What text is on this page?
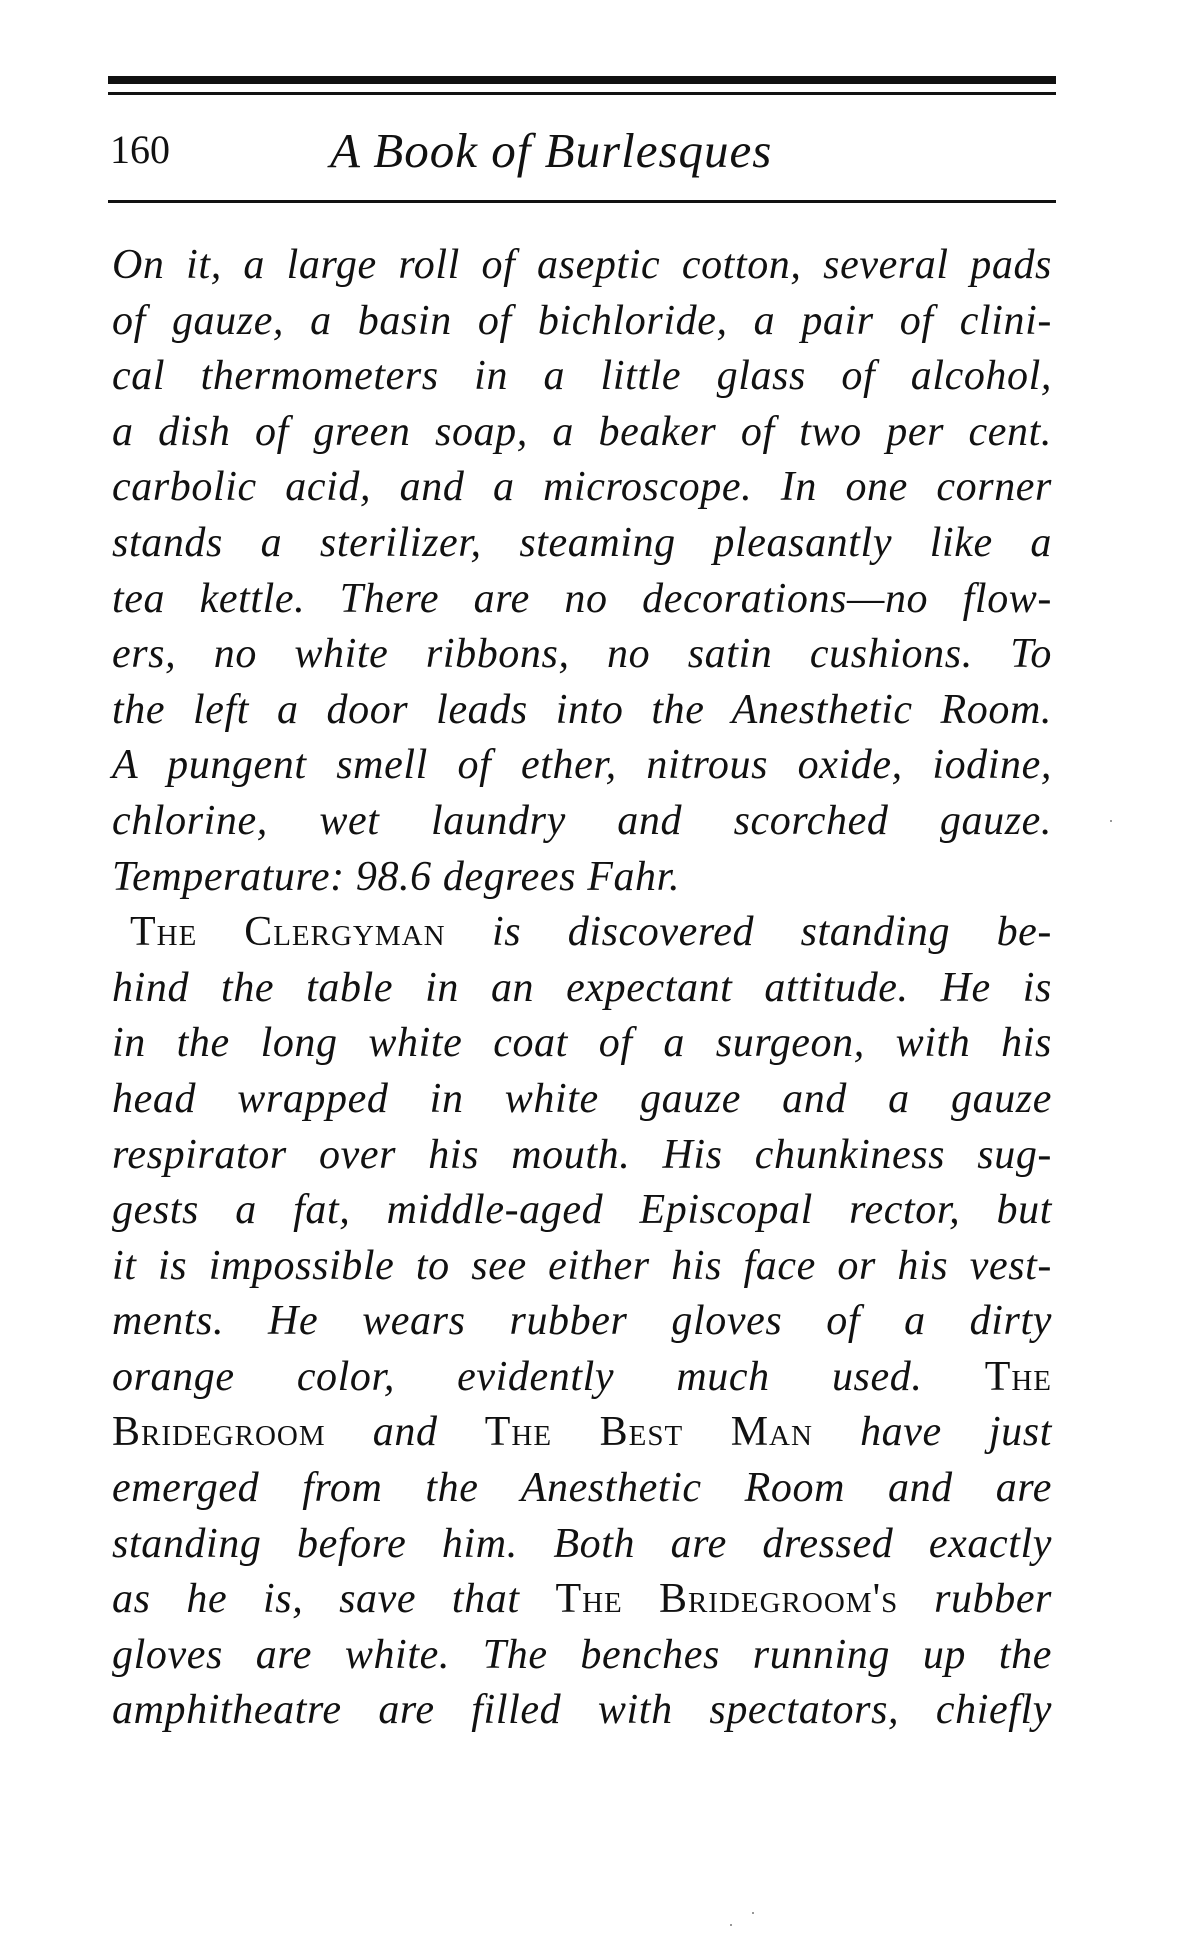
160	A Book of Burlesques
On it, a large roll of aseptic cotton, several pads
of gauze, a basin of bichloride, a pair of clini-
cal thermometers in a little glass of alcohol,
a dish of green soap, a beaker of two per cent.
carbolic acid, and a microscope. In one corner
stands a sterilizer, steaming pleasantly like a
tea kettle. There are no decorations—no flow-
ers, no white ribbons, no satin cushions. To
the left a door leads into the Anesthetic Room.
A pungent smell of ether, nitrous oxide, iodine,
chlorine, wet laundry and scorched gauze.
Temperature: 98.6 degrees Fahr.
The Clergyman is discovered standing be-
hind the table in an expectant attitude. He is
in the long white coat of a surgeon, with his
head wrapped in white gauze and a gauze
respirator over his mouth. His chunkiness sug-
gests a fat, middle-aged Episcopal rector, but
it is impossible to see either his face or his vest-
ments. He wears rubber gloves of a dirty
orange color, evidently much used. The
Bridegroom and The Best Man have just
emerged from the Anesthetic Room and are
standing before him. Both are dressed exactly
as he is, save that The Bridegroom's rubber
gloves are white. The benches running up the
amphitheatre are filled with spectators, chiefly
